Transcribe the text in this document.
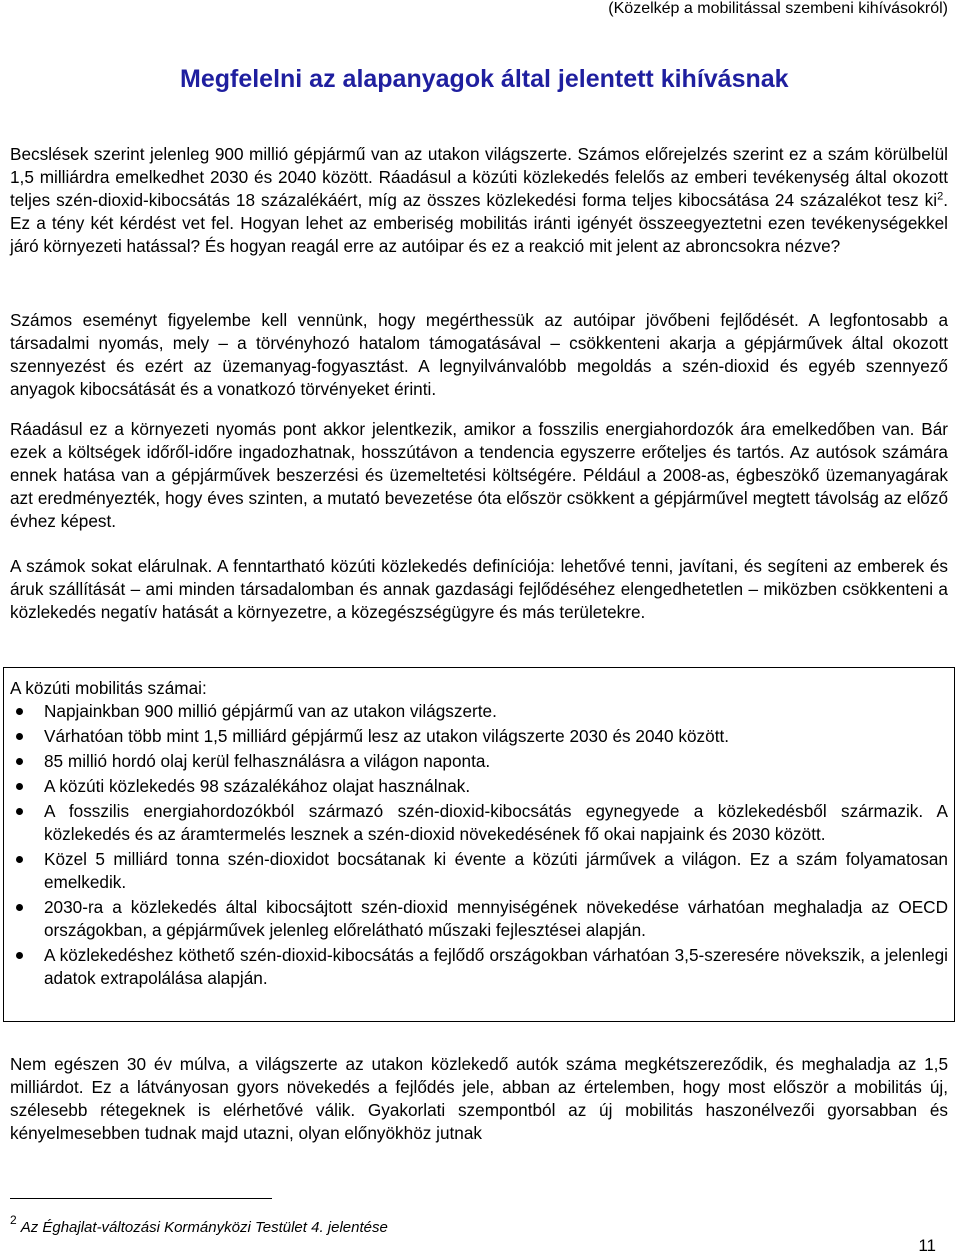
(Közelkép a mobilitással szembeni kihívásokról)
Megfelelni az alapanyagok által jelentett kihívásnak

Becslések szerint jelenleg 900 millió gépjármű van az utakon világszerte. Számos előrejelzés szerint ez a szám körülbelül 1,5 milliárdra emelkedhet 2030 és 2040 között. Ráadásul a közúti közlekedés felelős az emberi tevékenység által okozott teljes szén-dioxid-kibocsátás 18 százalékáért, míg az összes közlekedési forma teljes kibocsátása 24 százalékot tesz $ki^2$. Ez a tény két kérdést vet fel. Hogyan lehet az emberiség mobilitás iránti igényét összeegyeztetni ezen tevékenységekkel járó környezeti hatással? És hogyan reagál erre az autóipar és ez a reakció mit jelent az abroncsokra nézve?

Számos eseményt figyelembe kell vennünk, hogy megérthessük az autóipar jövőbeni fejlődését. A legfontosabb a társadalmi nyomás, mely – a törvényhozó hatalom támogatásával – csökkenteni akarja a gépjárművek által okozott szennyezést és ezért az üzemanyag-fogyasztást. A legnyilvánvalóbb megoldás a szén-dioxid és egyéb szennyező anyagok kibocsátását és a vonatkozó törvényeket érinti.

Ráadásul ez a környezeti nyomás pont akkor jelentkezik, amikor a fosszilis energiahordozók ára emelkedőben van. Bár ezek a költségek időről-időre ingadozhatnak, hosszútávon a tendencia egyszerre erőteljes és tartós. Az autósok számára ennek hatása van a gépjárművek beszerzési és üzemeltetési költségére. Például a 2008-as, égbeszökő üzemanyagárak azt eredményezték, hogy éves szinten, a mutató bevezetése óta először csökkent a gépjárművel megtett távolság az előző évhez képest.

A számok sokat elárulnak. A fenntartható közúti közlekedés definíciója: lehetővé tenni, javítani, és segíteni az emberek és áruk szállítását – ami minden társadalomban és annak gazdasági fejlődéséhez elengedhetetlen – miközben csökkenteni a közlekedés negatív hatását a környezetre, a közegészségügyre és más területekre.

A közúti mobilitás számai:
Napjainkban 900 millió gépjármű van az utakon világszerte.
Várhatóan több mint 1,5 milliárd gépjármű lesz az utakon világszerte 2030 és 2040 között.
85 millió hordó olaj kerül felhasználásra a világon naponta.
A közúti közlekedés 98 százalékához olajat használnak.
A fosszilis energiahordozókból származó szén-dioxid-kibocsátás egynegyede a közlekedésből származik. A közlekedés és az áramtermelés lesznek a szén-dioxid növekedésének fő okai napjaink és 2030 között.
Közel 5 milliárd tonna szén-dioxidot bocsátanak ki évente a közúti járművek a világon. Ez a szám folyamatosan emelkedik.
2030-ra a közlekedés által kibocsájtott szén-dioxid mennyiségének növekedése várhatóan meghaladja az OECD országokban, a gépjárművek jelenleg előrelátható műszaki fejlesztései alapján.
A közlekedéshez köthető szén-dioxid-kibocsátás a fejlődő országokban várhatóan 3,5-szeresére növekszik, a jelenlegi adatok extrapolálása alapján.

Nem egészen 30 év múlva, a világszerte az utakon közlekedő autók száma megkétszereződik, és meghaladja az 1,5 milliárdot. Ez a látványosan gyors növekedés a fejlődés jele, abban az értelemben, hogy most először a mobilitás új, szélesebb rétegeknek is elérhetővé válik. Gyakorlati szempontból az új mobilitás haszonélvezői gyorsabban és kényelmesebben tudnak majd utazni, olyan előnyökhöz jutnak

$^2$ Az Éghajlat-változási Kormányközi Testület 4. jelentése
11
